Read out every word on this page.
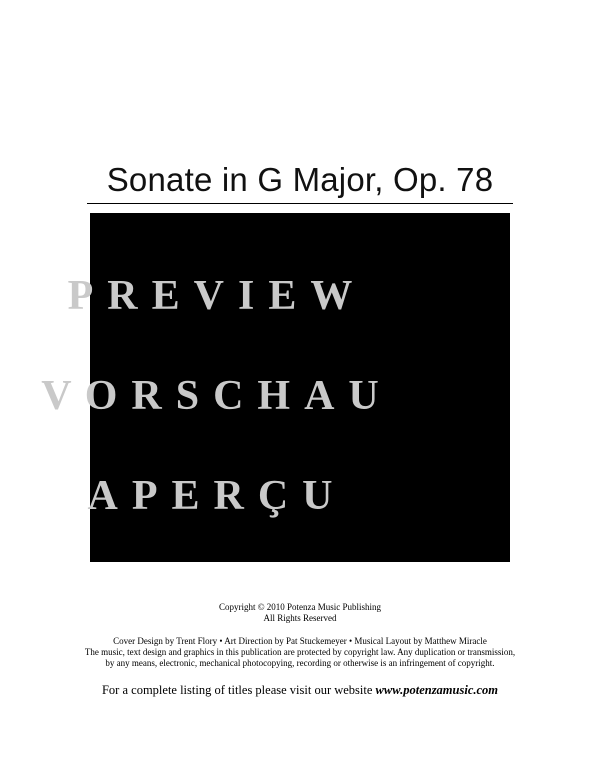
Sonate in G Major, Op. 78
PREVIEW
VORSCHAU
APERÇU
Copyright © 2010 Potenza Music Publishing
All Rights Reserved
Cover Design by Trent Flory • Art Direction by Pat Stuckemeyer • Musical Layout by Matthew Miracle
The music, text design and graphics in this publication are protected by copyright law. Any duplication or transmission,
by any means, electronic, mechanical photocopying, recording or otherwise is an infringement of copyright.
For a complete listing of titles please visit our website www.potenzamusic.com
